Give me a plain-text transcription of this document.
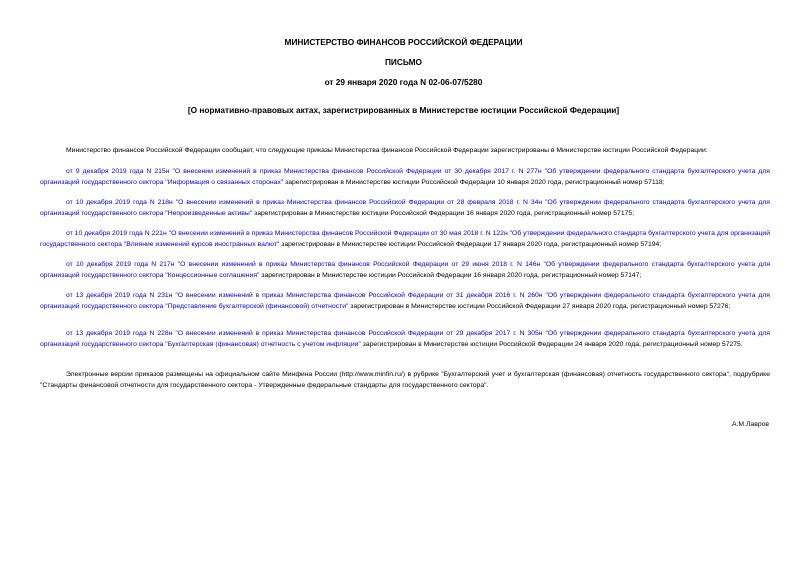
МИНИСТЕРСТВО ФИНАНСОВ РОССИЙСКОЙ ФЕДЕРАЦИИ
ПИСЬМО
от 29 января 2020 года N 02-06-07/5280
[О нормативно-правовых актах, зарегистрированных в Министерстве юстиции Российской Федерации]
Министерство финансов Российской Федерации сообщает, что следующие приказы Министерства финансов Российской Федерации зарегистрированы в Министерстве юстиции Российской Федерации:
от 9 декабря 2019 года N 215н "О внесении изменений в приказ Министерства финансов Российской Федерации от 30 декабря 2017 г. N 277н "Об утверждении федерального стандарта бухгалтерского учета для организаций государственного сектора "Информация о связанных сторонах" зарегистрирован в Министерстве юстиции Российской Федерации 10 января 2020 года, регистрационный номер 57118;
от 10 декабря 2019 года N 218н "О внесении изменений в приказ Министерства финансов Российской Федерации от 28 февраля 2018 г. N 34н "Об утверждении федерального стандарта бухгалтерского учета для организаций государственного сектора "Непроизведенные активы" зарегистрирован в Министерстве юстиции Российской Федерации 16 января 2020 года, регистрационный номер 57175;
от 10 декабря 2019 года N 221н "О внесении изменений в приказ Министерства финансов Российской Федерации от 30 мая 2018 г. N 122н "Об утверждении федерального стандарта бухгалтерского учета для организаций государственного сектора "Влияние изменений курсов иностранных валют" зарегистрирован в Министерстве юстиции Российской Федерации 17 января 2020 года, регистрационный номер 57194;
от 10 декабря 2019 года N 217н "О внесении изменений в приказ Министерства финансов Российской Федерации от 29 июня 2018 г. N 146н "Об утверждении федерального стандарта бухгалтерского учета для организаций государственного сектора "Концессионные соглашения" зарегистрирован в Министерстве юстиции Российской Федерации 16 января 2020 года, регистрационный номер 57147;
от 13 декабря 2019 года N 231н "О внесении изменений в приказ Министерства финансов Российской Федерации от 31 декабря 2016 г. N 260н "Об утверждении федерального стандарта бухгалтерского учета для организаций государственного сектора "Представление бухгалтерской (финансовой) отчетности" зарегистрирован в Министерстве юстиции Российской Федерации 27 января 2020 года, регистрационный номер 57276;
от 13 декабря 2019 года N 228н "О внесении изменений в приказ Министерства финансов Российской Федерации от 29 декабря 2017 г. N 305н "Об утверждении федерального стандарта бухгалтерского учета для организаций государственного сектора "Бухгалтерская (финансовая) отчетность с учетом инфляции" зарегистрирован в Министерстве юстиции Российской Федерации 24 января 2020 года, регистрационный номер 57275.
Электронные версии приказов размещены на официальном сайте Минфина России (http://www.minfin.ru/) в рубрике "Бухгалтерский учет и бухгалтерская (финансовая) отчетность государственного сектора", подрубрике "Стандарты финансовой отчетности для государственного сектора - Утвержденные федеральные стандарты для государственного сектора".
А.М.Лавров
